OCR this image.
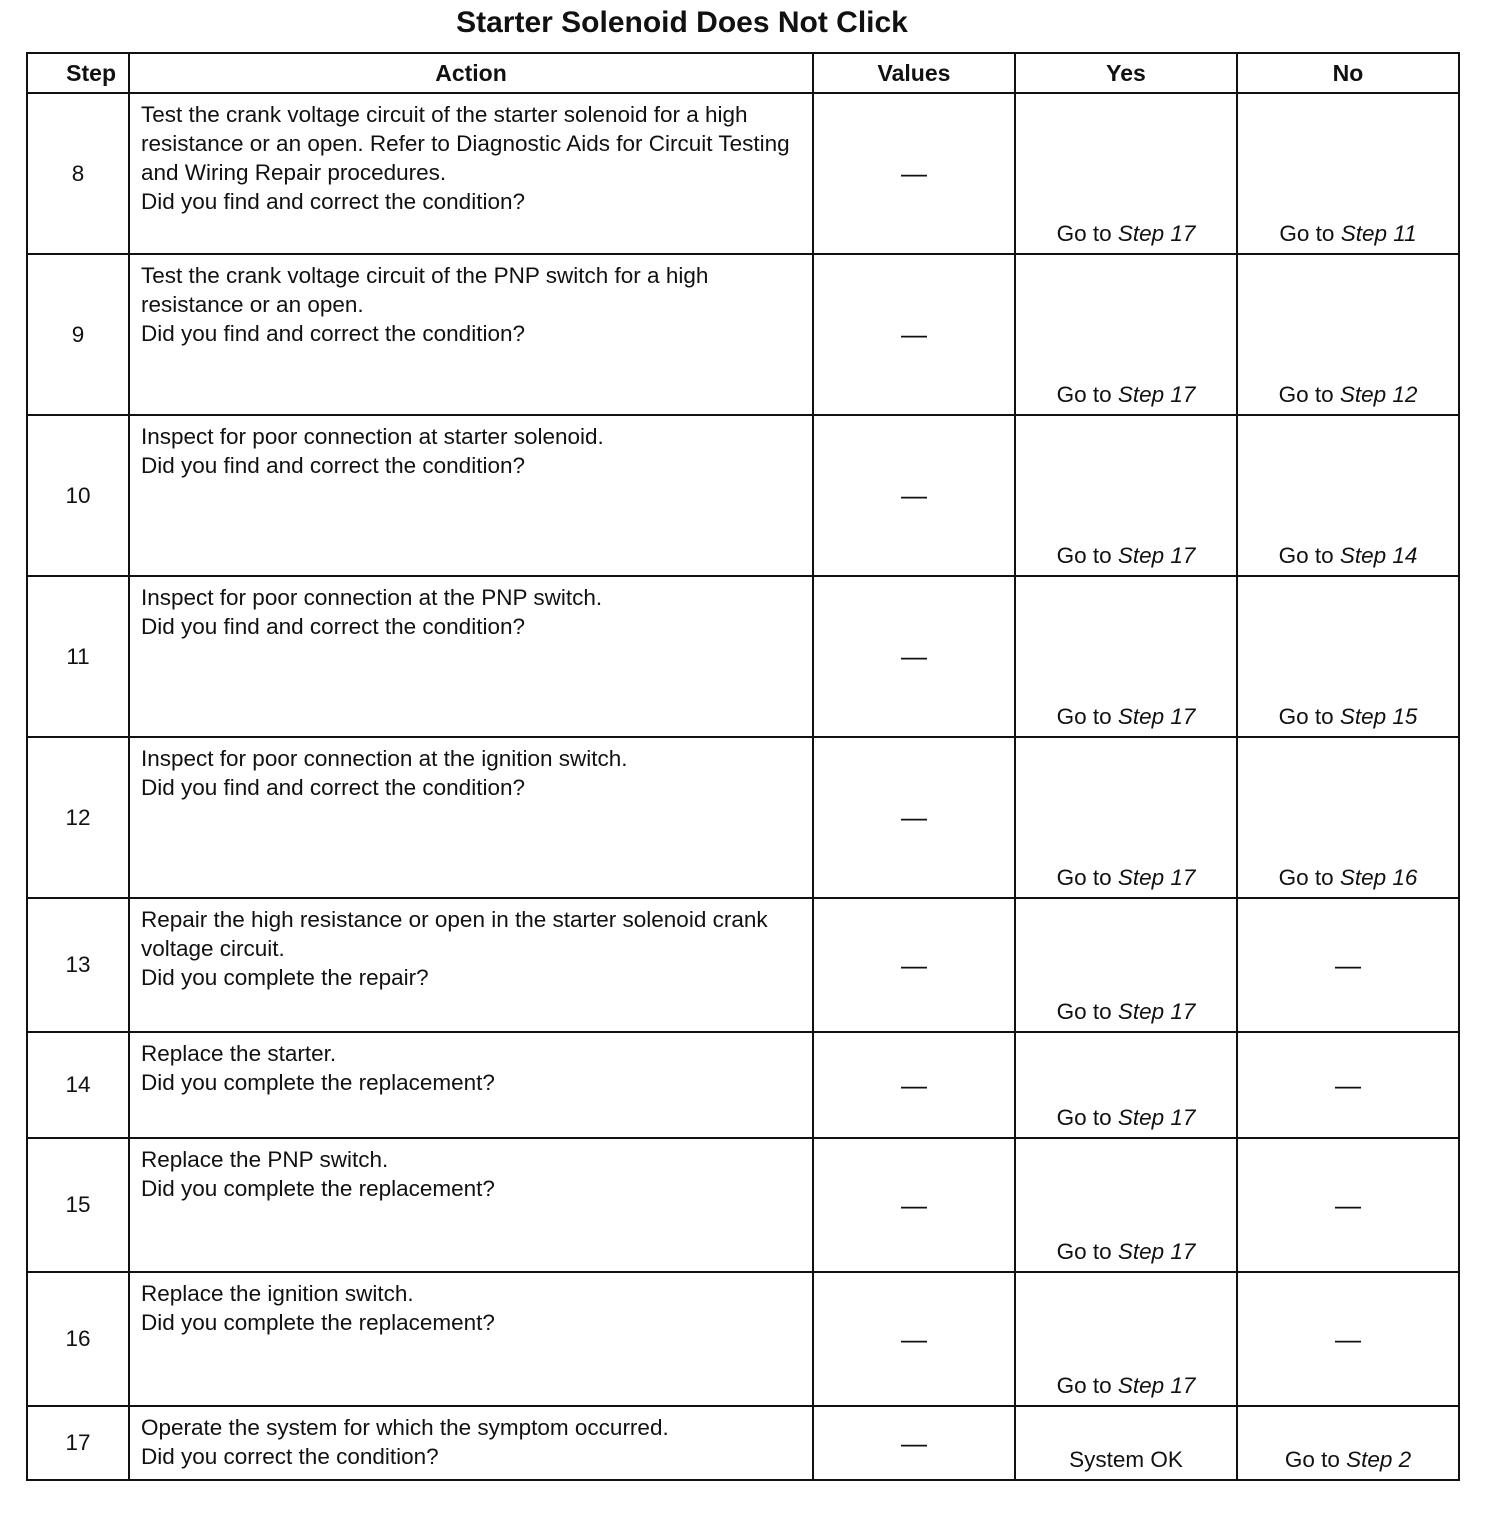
Starter Solenoid Does Not Click
Step	Action	Values	Yes	No
8	Test the crank voltage circuit of the starter solenoid for a high resistance or an open. Refer to Diagnostic Aids for Circuit Testing and Wiring Repair procedures.
Did you find and correct the condition?	—	Go to Step 17	Go to Step 11
9	Test the crank voltage circuit of the PNP switch for a high resistance or an open.
Did you find and correct the condition?	—	Go to Step 17	Go to Step 12
10	Inspect for poor connection at starter solenoid.
Did you find and correct the condition?	—	Go to Step 17	Go to Step 14
11	Inspect for poor connection at the PNP switch.
Did you find and correct the condition?	—	Go to Step 17	Go to Step 15
12	Inspect for poor connection at the ignition switch.
Did you find and correct the condition?	—	Go to Step 17	Go to Step 16
13	Repair the high resistance or open in the starter solenoid crank voltage circuit.
Did you complete the repair?	—	Go to Step 17	—
14	Replace the starter.
Did you complete the replacement?	—	Go to Step 17	—
15	Replace the PNP switch.
Did you complete the replacement?	—	Go to Step 17	—
16	Replace the ignition switch.
Did you complete the replacement?	—	Go to Step 17	—
17	Operate the system for which the symptom occurred.
Did you correct the condition?	—	System OK	Go to Step 2
